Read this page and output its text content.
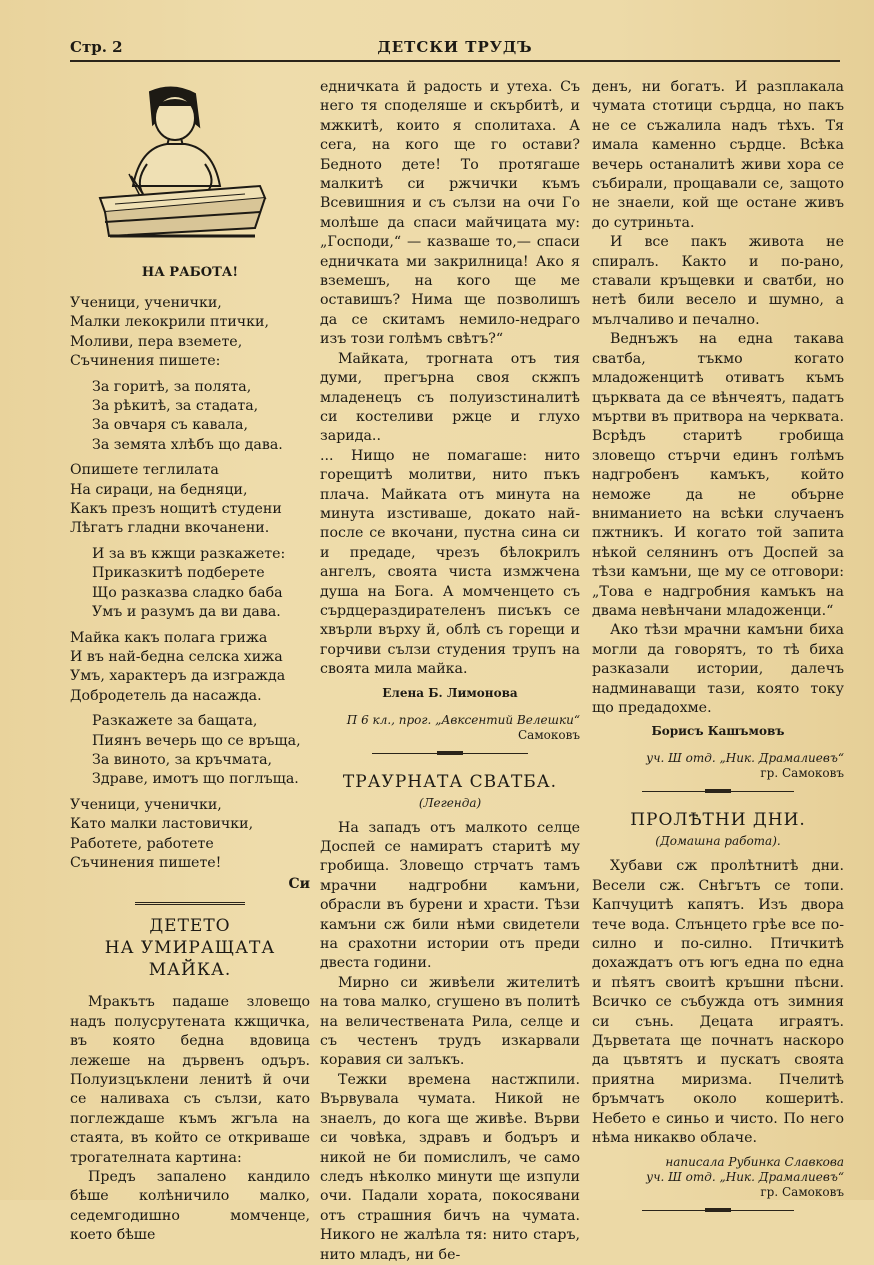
Стр. 2	ДЕТСКИ ТРУДЪ

НА РАБОТА!

Ученици, ученички,
Малки лекокрили птички,
Моливи, пера вземете,
Съчинения пишете:
За горитѣ, за полята,
За рѣкитѣ, за стадата,
За овчаря съ кавала,
За земята хлѣбъ що дава.
Опишете теглилата
На сираци, на бедняци,
Какъ презъ нощитѣ студени
Лѣгатъ гладни вкочанени.
И за въ кжщи разкажете:
Приказкитѣ подберете
Що разказва сладко баба
Умъ и разумъ да ви дава.
Майка какъ полага грижа
И въ най-бедна селска хижа
Умъ, характеръ да изгражда
Добродетель да насажда.
Разкажете за бащата,
Пиянъ вечерь що се връща,
За виното, за кръчмата,
Здраве, имотъ що поглъща.
Ученици, ученички,
Като малки ластовички,
Работете, работете
Съчинения пишете!

Си

ДЕТЕТО

НА УМИРАЩАТА МАЙКА.

Мракътъ падаше зловещо надъ полусрутената кжщичка, въ която бедна вдовица лежеше на дървенъ одъръ. Полуизцъклени ленитѣ й очи се наливаха съ сълзи, като поглеждаше къмъ жгъла на стаята, въ който се откриваше трогателната картина:

Предъ запалено кандило бѣше колѣничило малко, седемгодишно момченце, което бѣше

едничката й радость и утеха. Съ него тя споделяше и скърбитѣ, и мжкитѣ, които я сполитаха. А сега, на кого ще го остави? Бедното дете! То протягаше малкитѣ си ржчички къмъ Всевишния и съ сълзи на очи Го молѣше да спаси майчицата му: „Господи,“ — казваше то,— спаси едничката ми закрилница! Ако я вземешъ, на кого ще ме оставишъ? Нима ще позволишъ да се скитамъ немило-недраго изъ този голѣмъ свѣтъ?“

Майката, трогната отъ тия думи, прегърна своя скжпъ младенецъ съ полуизстиналитѣ си костеливи ржце и глухо зарида..

... Нищо не помагаше: нито горещитѣ молитви, нито пъкъ плача. Майката отъ минута на минута изстиваше, докато най-после се вкочани, пустна сина си и предаде, чрезъ бѣлокрилъ ангелъ, своята чиста измжчена душа на Бога. А момченцето съ сърдцераздирателенъ писъкъ се хвърли върху й, облѣ съ горещи и горчиви сълзи студения трупъ на своята мила майка.

Елена Б. Лимонова

П 6 кл., прог. „Авксентий Велешки“

Самоковъ

ТРАУРНАТА СВАТБА.

(Легенда)

На западъ отъ малкото селце Доспей се намиратъ старитѣ му гробища. Зловещо стрчатъ тамъ мрачни надгробни камъни, обрасли въ бурени и храсти. Тѣзи камъни сж били нѣми свидетели на срахотни истории отъ преди двеста години.

Мирно си живѣели жителитѣ на това малко, сгушено въ политѣ на величествената Рила, селце и съ честенъ трудъ изкарвали коравия си залъкъ.

Тежки времена настжпили. Вървувала чумата. Никой не знаелъ, до кога ще живѣе. Върви си човѣка, здравъ и бодъръ и никой не би помислилъ, че само следъ нѣколко минути ще изпули очи. Падали хората, покосявани отъ страшния бичъ на чумата. Никого не жалѣла тя: нито старъ, нито младъ, ни бе-

денъ, ни богатъ. И разплакала чумата стотици сърдца, но пакъ не се съжалила надъ тѣхъ. Тя имала каменно сърдце. Всѣка вечерь останалитѣ живи хора се събирали, прощавали се, защото не знаели, кой ще остане живъ до сутриньта.

И все пакъ живота не спиралъ. Както и по-рано, ставали кръщевки и сватби, но нетѣ били весело и шумно, а мълчаливо и печално.

Веднъжъ на една такава сватба, тъкмо когато младоженцитѣ отиватъ къмъ църквата да се вѣнчеятъ, падатъ мъртви въ притвора на черквата. Всрѣдъ старитѣ гробища зловещо стърчи единъ голѣмъ надгробенъ камъкъ, който неможе да не обърне вниманието на всѣки случаенъ пжтникъ. И когато той запита нѣкой селянинъ отъ Доспей за тѣзи камъни, ще му се отговори: „Това е надгробния камъкъ на двама невѣнчани младоженци.“

Ако тѣзи мрачни камъни биха могли да говорятъ, то тѣ биха разказали истории, далечъ надминаващи тази, която току що предадохме.

Борисъ Кашъмовъ

уч. Ш отд. „Ник. Драмалиевъ“

гр. Самоковъ

ПРОЛѢТНИ ДНИ.

(Домашна работа).

Хубави сж пролѣтнитѣ дни. Весели сж. Снѣгътъ се топи. Капчуцитѣ капятъ. Изъ двора тече вода. Слънцето грѣе все по-силно и по-силно. Птичкитѣ дохаждатъ отъ югъ една по една и пѣятъ своитѣ кръшни пѣсни. Всичко се събужда отъ зимния си сънь. Децата играятъ. Дърветата ще почнатъ наскоро да цъвтятъ и пускатъ своята приятна миризма. Пчелитѣ бръмчатъ около кошеритѣ. Небето е синьо и чисто. По него нѣма никакво облаче.

написала Рубинка Славкова

уч. Ш отд. „Ник. Драмалиевъ“

гр. Самоковъ
